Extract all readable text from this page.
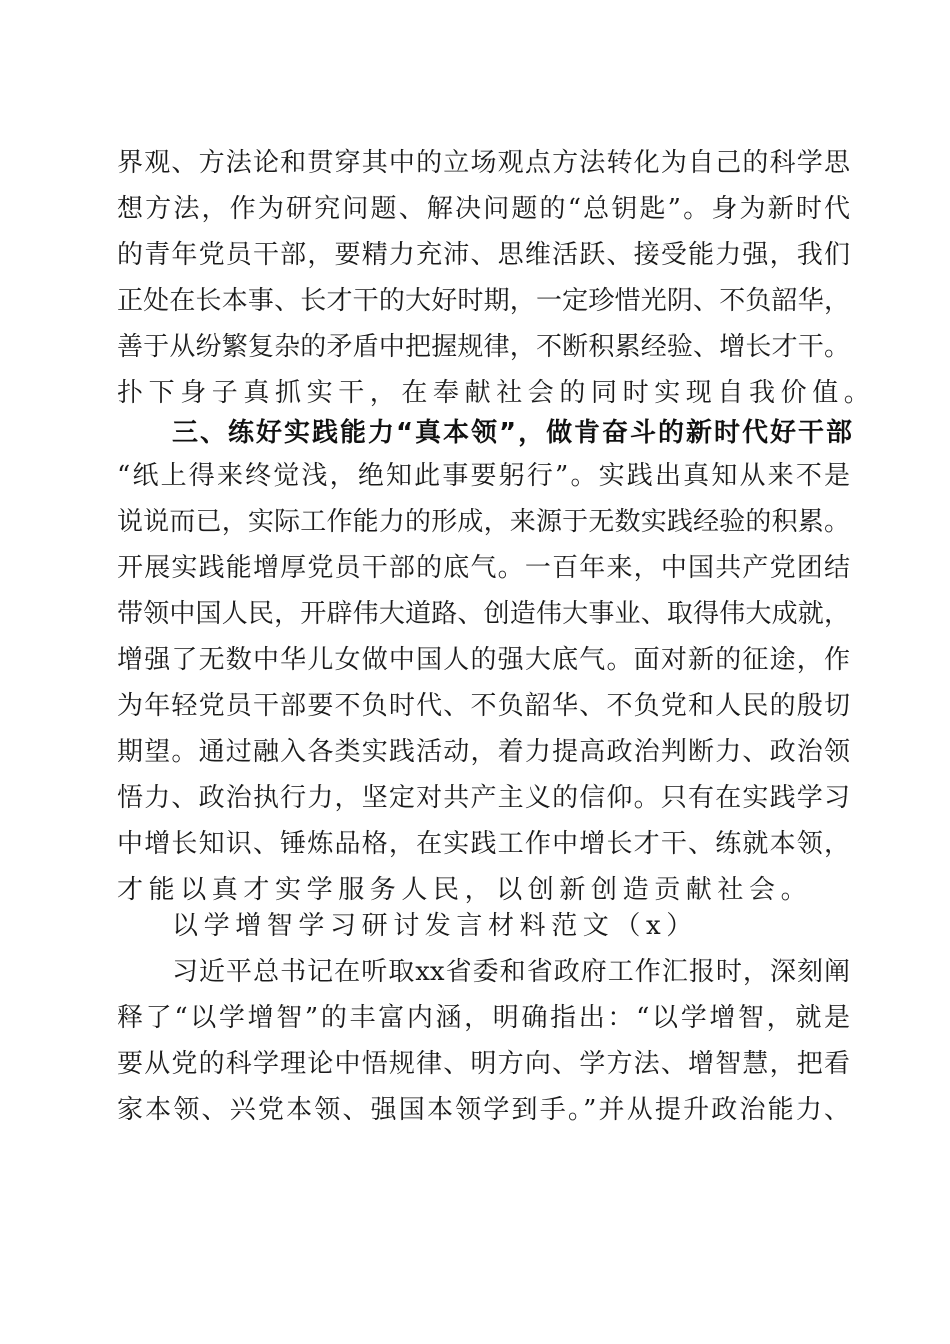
界观、方法论和贯穿其中的立场观点方法转化为自己的科学思
想方法，作为研究问题、解决问题的“总钥匙”。身为新时代
的青年党员干部，要精力充沛、思维活跃、接受能力强，我们
正处在长本事、长才干的大好时期，一定珍惜光阴、不负韶华，
善于从纷繁复杂的矛盾中把握规律，不断积累经验、增长才干。
扑下身子真抓实干，在奉献社会的同时实现自我价值。
三、练好实践能力“真本领”，做肯奋斗的新时代好干部
“纸上得来终觉浅，绝知此事要躬行”。实践出真知从来不是
说说而已，实际工作能力的形成，来源于无数实践经验的积累。
开展实践能增厚党员干部的底气。一百年来，中国共产党团结
带领中国人民，开辟伟大道路、创造伟大事业、取得伟大成就，
增强了无数中华儿女做中国人的强大底气。面对新的征途，作
为年轻党员干部要不负时代、不负韶华、不负党和人民的殷切
期望。通过融入各类实践活动，着力提高政治判断力、政治领
悟力、政治执行力，坚定对共产主义的信仰。只有在实践学习
中增长知识、锤炼品格，在实践工作中增长才干、练就本领，
才能以真才实学服务人民，以创新创造贡献社会。
以学增智学习研讨发言材料范文（x）
习近平总书记在听取xx省委和省政府工作汇报时，深刻阐
释了“以学增智”的丰富内涵，明确指出：“以学增智，就是
要从党的科学理论中悟规律、明方向、学方法、增智慧，把看
家本领、兴党本领、强国本领学到手。”并从提升政治能力、
